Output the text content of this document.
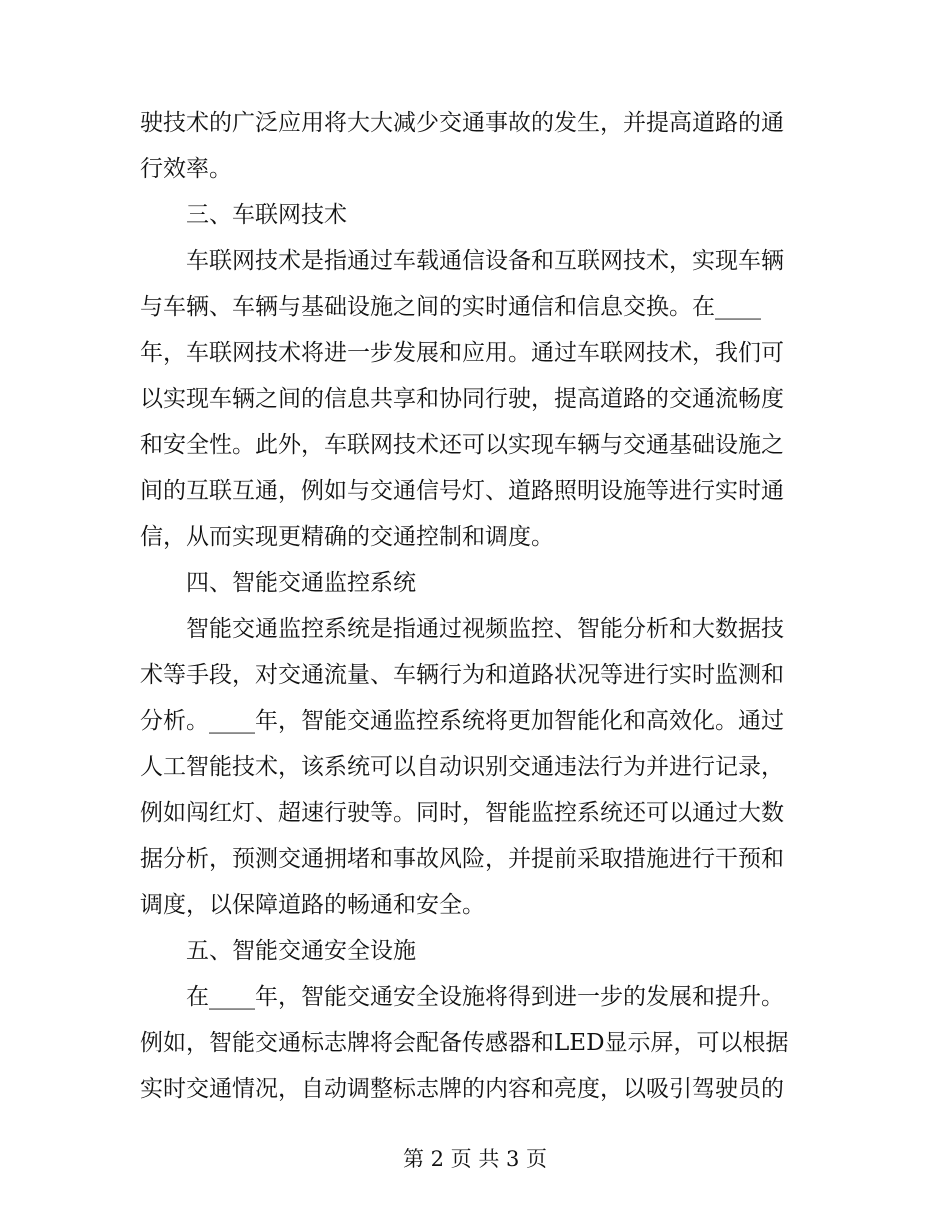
驶技术的广泛应用将大大减少交通事故的发生，并提高道路的通
行效率。
三、车联网技术
车联网技术是指通过车载通信设备和互联网技术，实现车辆
与车辆、车辆与基础设施之间的实时通信和信息交换。在____
年，车联网技术将进一步发展和应用。通过车联网技术，我们可
以实现车辆之间的信息共享和协同行驶，提高道路的交通流畅度
和安全性。此外，车联网技术还可以实现车辆与交通基础设施之
间的互联互通，例如与交通信号灯、道路照明设施等进行实时通
信，从而实现更精确的交通控制和调度。
四、智能交通监控系统
智能交通监控系统是指通过视频监控、智能分析和大数据技
术等手段，对交通流量、车辆行为和道路状况等进行实时监测和
分析。____年，智能交通监控系统将更加智能化和高效化。通过
人工智能技术，该系统可以自动识别交通违法行为并进行记录，
例如闯红灯、超速行驶等。同时，智能监控系统还可以通过大数
据分析，预测交通拥堵和事故风险，并提前采取措施进行干预和
调度，以保障道路的畅通和安全。
五、智能交通安全设施
在____年，智能交通安全设施将得到进一步的发展和提升。
例如，智能交通标志牌将会配备传感器和LED显示屏，可以根据
实时交通情况，自动调整标志牌的内容和亮度，以吸引驾驶员的
第 2 页 共 3 页
